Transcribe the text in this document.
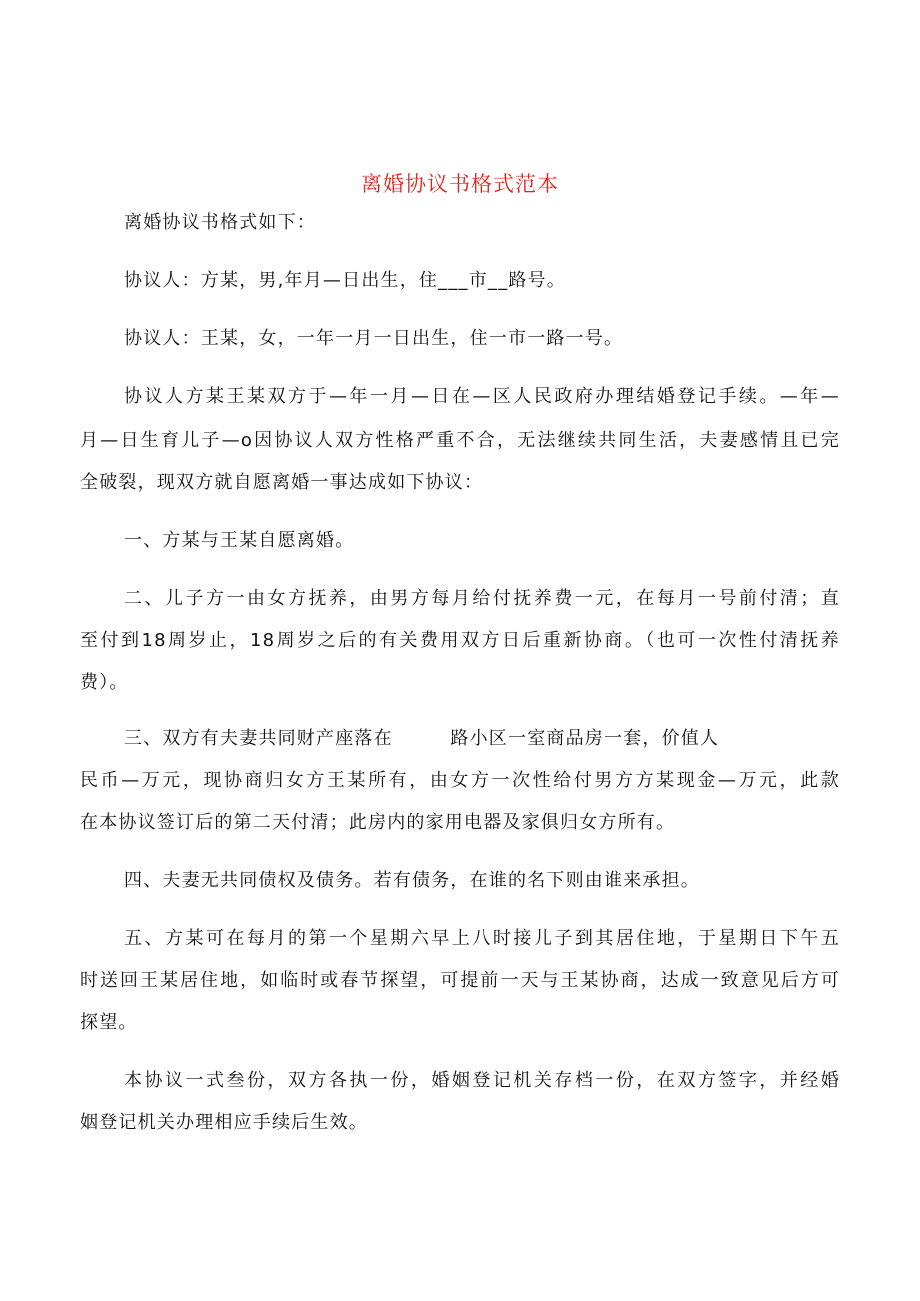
离婚协议书格式范本
离婚协议书格式如下：
协议人：方某，男,年月—日出生，住___市__路号。
协议人：王某，女，一年一月一日出生，住一市一路一号。
协议人方某王某双方于—年一月—日在—区人民政府办理结婚登记手续。—年—
月—日生育儿子—o因协议人双方性格严重不合，无法继续共同生活，夫妻感情且已完
全破裂，现双方就自愿离婚一事达成如下协议：
一、方某与王某自愿离婚。
二、儿子方一由女方抚养，由男方每月给付抚养费一元，在每月一号前付清；直
至付到18周岁止，18周岁之后的有关费用双方日后重新协商。（也可一次性付清抚养
费）。
三、双方有夫妻共同财产座落在　　　路小区一室商品房一套，价值人
民币—万元，现协商归女方王某所有，由女方一次性给付男方方某现金—万元，此款
在本协议签订后的第二天付清；此房内的家用电器及家俱归女方所有。
四、夫妻无共同债权及债务。若有债务，在谁的名下则由谁来承担。
五、方某可在每月的第一个星期六早上八时接儿子到其居住地，于星期日下午五
时送回王某居住地，如临时或春节探望，可提前一天与王某协商，达成一致意见后方可
探望。
本协议一式叁份，双方各执一份，婚姻登记机关存档一份，在双方签字，并经婚
姻登记机关办理相应手续后生效。
